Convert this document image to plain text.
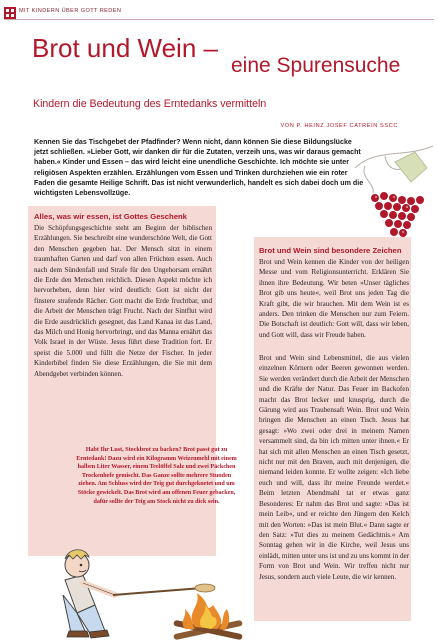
MIT KINDERN ÜBER GOTT REDEN
Brot und Wein –
eine Spurensuche
Kindern die Bedeutung des Erntedanks vermitteln
VON P. HEINZ JOSEF CATREIN SSCC
Kennen Sie das Tischgebet der Pfadfinder? Wenn nicht, dann können Sie diese Bildungslücke jetzt schließen. »Lieber Gott, wir danken dir für die Zutaten, verzeih uns, was wir daraus gemacht haben.« Kinder und Essen – das wird leicht eine unendliche Geschichte. Ich möchte sie unter religiösen Aspekten erzählen. Erzählungen vom Essen und Trinken durchziehen wie ein roter Faden die gesamte Heilige Schrift. Das ist nicht verwunderlich, handelt es sich dabei doch um die wichtigsten Lebensvollzüge.
Alles, was wir essen, ist Gottes Geschenk
Die Schöpfungsgeschichte steht am Beginn der biblischen Erzählungen. Sie beschreibt eine wunderschöne Welt, die Gott den Menschen gegeben hat. Der Mensch sitzt in einem traumhaften Garten und darf von allen Früchten essen. Auch nach dem Sündenfall und Strafe für den Ungehorsam ernährt die Erde den Menschen reichlich. Diesen Aspekt möchte ich hervorheben, denn hier wird deutlich: Gott ist nicht der finstere strafende Rächer. Gott macht die Erde fruchtbar, und die Arbeit der Menschen trägt Frucht. Nach der Sintflut wird die Erde ausdrücklich gesegnet, das Land Kanaa ist das Land, das Milch und Honig hervorbringt, und das Manna ernährt das Volk Israel in der Wüste. Jesus führt diese Tradition fort. Er speist die 5.000 und füllt die Netze der Fischer. In jeder Kinderbibel finden Sie diese Erzählungen, die Sie mit dem Abendgebet verbinden können.
Habt Ihr Lust, Stockbrot zu backen? Brot passt gut zu Erntedank! Dazu wird ein Kilogramm Weizenmehl mit einem halben Liter Wasser, einem Teelöffel Salz und zwei Päckchen Trockenhefe gemischt. Das Ganze sollte mehrere Stunden ziehen. Am Schluss wird der Teig gut durchgeknetet und um Stöcke gewickelt. Das Brot wird am offenen Feuer gebacken, dafür sollte der Teig am Stock nicht zu dick sein.
Brot und Wein sind besondere Zeichen
Brot und Wein kennen die Kinder von der heiligen Messe und vom Religionsunterricht. Erklären Sie ihnen ihre Bedeutung. Wir beten »Unser tägliches Brot gib uns heute«, weil Brot uns jeden Tag die Kraft gibt, die wir brauchen. Mit dem Wein ist es anders. Den trinken die Menschen nur zum Feiern. Die Botschaft ist deutlich: Gott will, dass wir leben, und Gott will, dass wir Freude haben.
Brot und Wein sind Lebensmittel, die aus vielen einzelnen Körnern oder Beeren gewonnen werden. Sie werden verändert durch die Arbeit der Menschen und die Kräfte der Natur. Das Feuer im Backofen macht das Brot lecker und knusprig, durch die Gärung wird aus Traubensaft Wein. Brot und Wein bringen die Menschen an einen Tisch. Jesus hat gesagt: »Wo zwei oder drei in meinem Namen versammelt sind, da bin ich mitten unter ihnen.« Er hat sich mit allen Menschen an einen Tisch gesetzt, nicht nur mit den Braven, auch mit denjenigen, die niemand leiden konnte. Er wollte zeigen: »Ich liebe euch und will, dass ihr meine Freunde werdet.« Beim letzten Abendmahl tat er etwas ganz Besonderes: Er nahm das Brot und sagte: »Das ist mein Leib«, und er reichte den Jüngern den Kelch mit den Worten: »Das ist mein Blut.« Dann sagte er den Satz: »Tut dies zu meinem Gedächtnis.« Am Sonntag gehen wir in die Kirche, weil Jesus uns einlädt, mitten unter uns ist und zu uns kommt in der Form von Brot und Wein. Wir treffen nicht nur Jesus, sondern auch viele Leute, die wir kennen.
